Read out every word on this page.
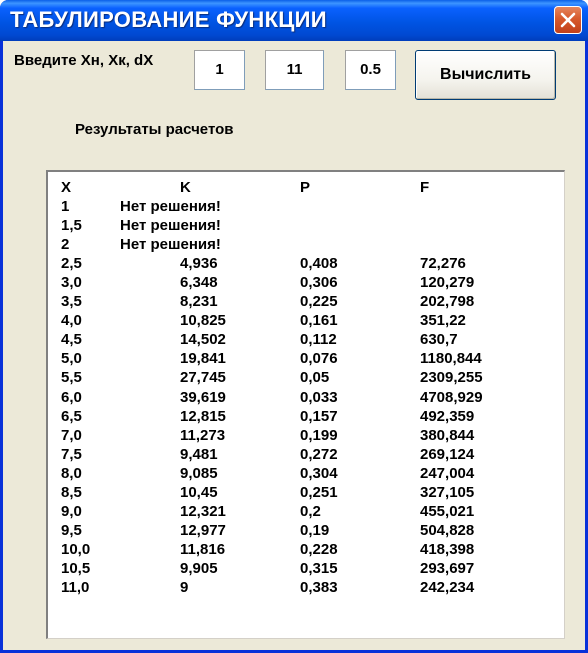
ТАБУЛИРОВАНИЕ ФУНКЦИИ
Введите Xн, Xк, dX
1	11	0.5	Вычислить
Результаты расчетов
X	K	P	F
1	Нет решения!
1,5	Нет решения!
2	Нет решения!
2,5	4,936	0,408	72,276
3,0	6,348	0,306	120,279
3,5	8,231	0,225	202,798
4,0	10,825	0,161	351,22
4,5	14,502	0,112	630,7
5,0	19,841	0,076	1180,844
5,5	27,745	0,05	2309,255
6,0	39,619	0,033	4708,929
6,5	12,815	0,157	492,359
7,0	11,273	0,199	380,844
7,5	9,481	0,272	269,124
8,0	9,085	0,304	247,004
8,5	10,45	0,251	327,105
9,0	12,321	0,2	455,021
9,5	12,977	0,19	504,828
10,0	11,816	0,228	418,398
10,5	9,905	0,315	293,697
11,0	9	0,383	242,234
